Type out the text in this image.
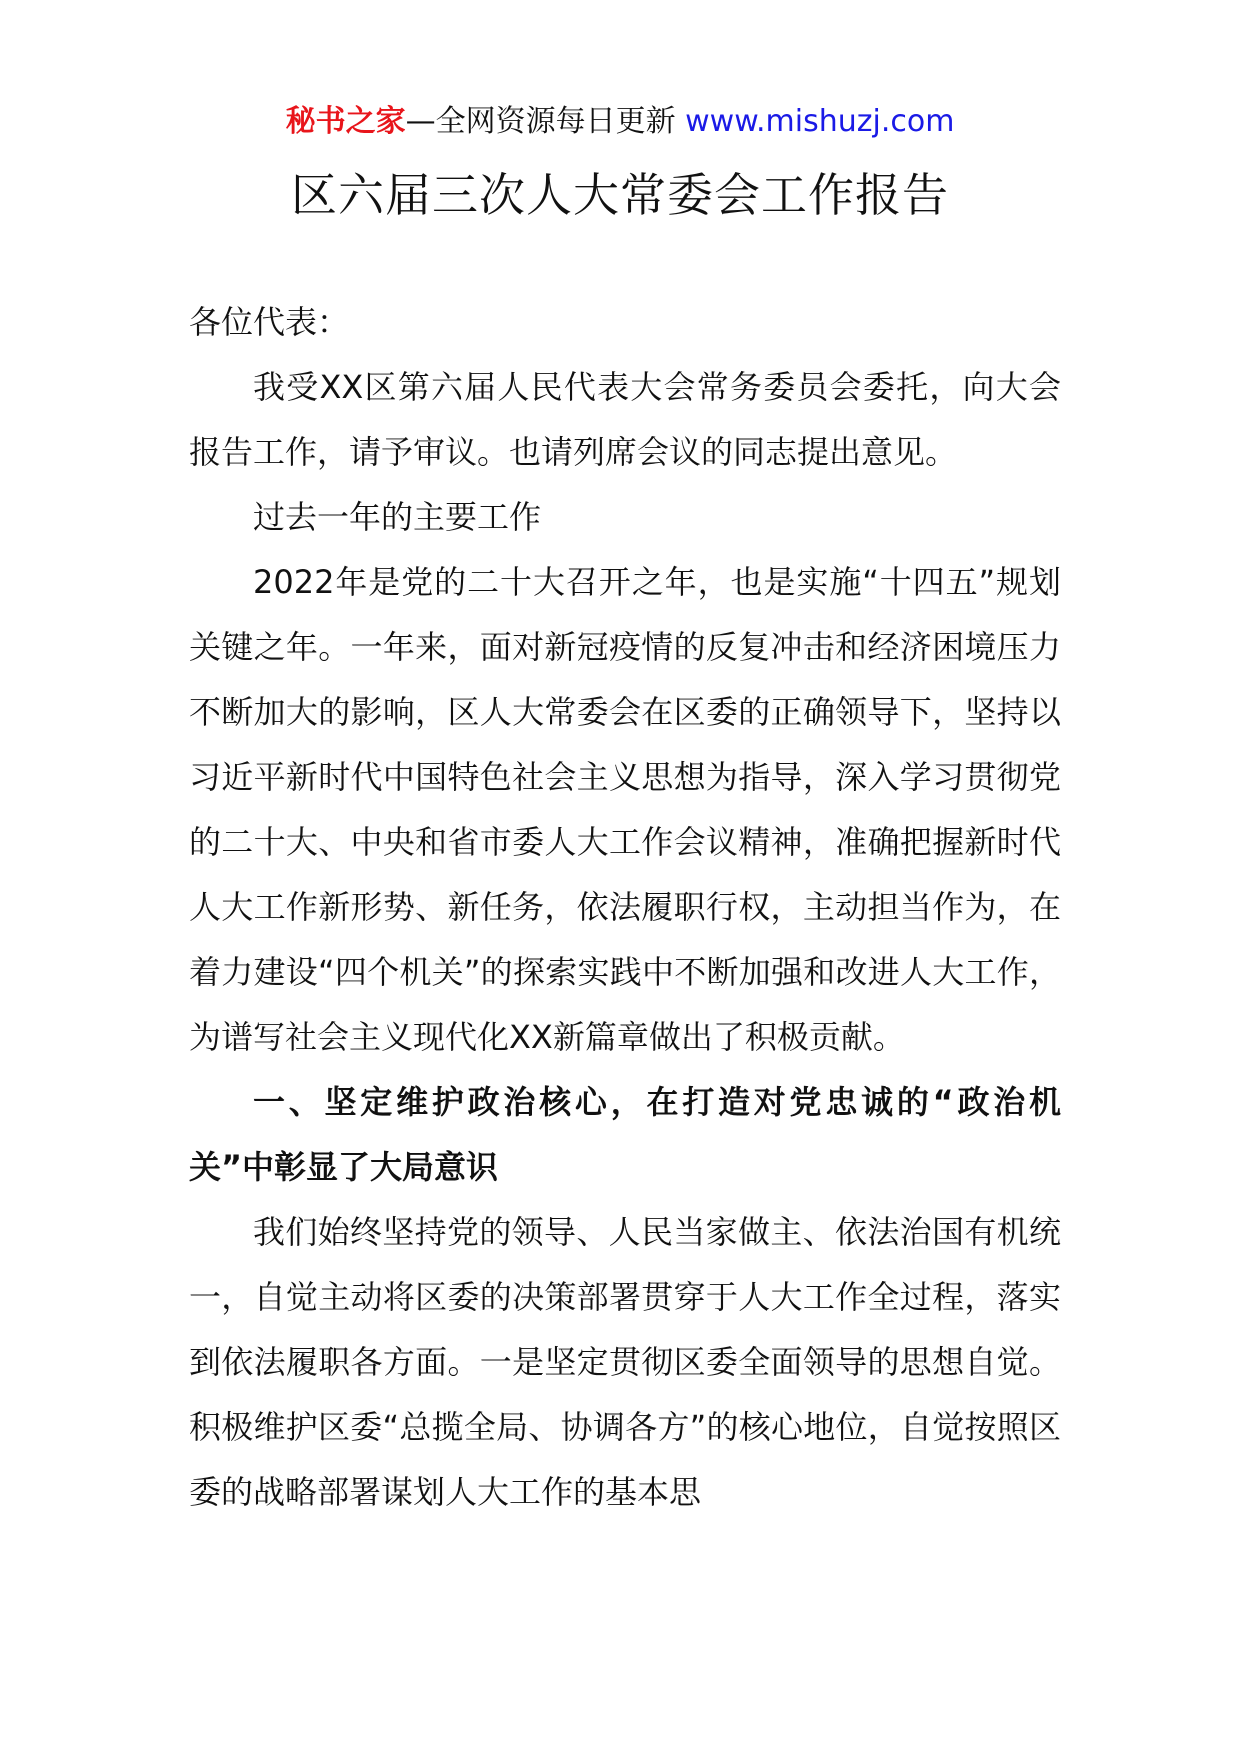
秘书之家—全网资源每日更新 www.mishuzj.com
区六届三次人大常委会工作报告

各位代表：

我受XX区第六届人民代表大会常务委员会委托，向大会报告工作，请予审议。也请列席会议的同志提出意见。

过去一年的主要工作

2022年是党的二十大召开之年，也是实施“十四五”规划关键之年。一年来，面对新冠疫情的反复冲击和经济困境压力不断加大的影响，区人大常委会在区委的正确领导下，坚持以习近平新时代中国特色社会主义思想为指导，深入学习贯彻党的二十大、中央和省市委人大工作会议精神，准确把握新时代人大工作新形势、新任务，依法履职行权，主动担当作为，在着力建设“四个机关”的探索实践中不断加强和改进人大工作，为谱写社会主义现代化XX新篇章做出了积极贡献。

一、坚定维护政治核心，在打造对党忠诚的“政治机关”中彰显了大局意识

我们始终坚持党的领导、人民当家做主、依法治国有机统一，自觉主动将区委的决策部署贯穿于人大工作全过程，落实到依法履职各方面。一是坚定贯彻区委全面领导的思想自觉。积极维护区委“总揽全局、协调各方”的核心地位，自觉按照区委的战略部署谋划人大工作的基本思
